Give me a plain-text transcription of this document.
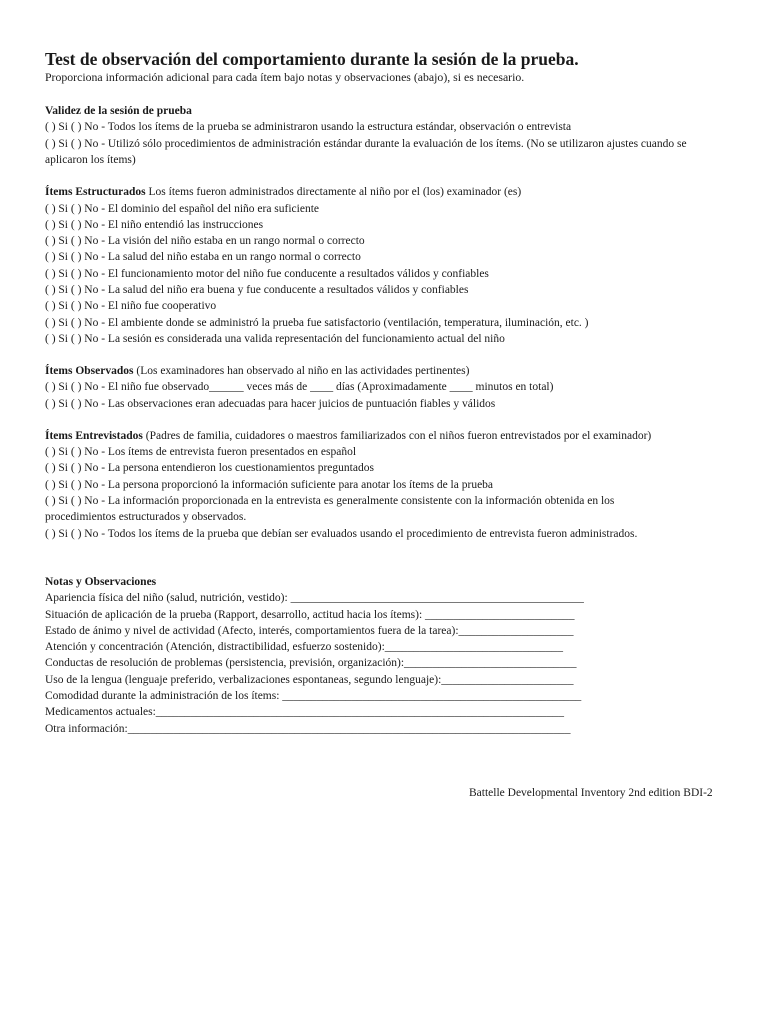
Test de observación del comportamiento durante la sesión de la prueba.
Proporciona información adicional para cada ítem bajo notas y observaciones (abajo), si es necesario.
Validez de la sesión de prueba
( ) Si ( ) No - Todos los ítems de la prueba se administraron usando la estructura estándar, observación o entrevista
( ) Si ( ) No - Utilizó sólo procedimientos de administración estándar durante la evaluación de los ítems. (No se utilizaron ajustes cuando se
aplicaron los ítems)
Ítems Estructurados Los ítems fueron administrados directamente al niño por el (los) examinador (es)
( ) Si ( ) No - El dominio del español del niño era suficiente
( ) Si ( ) No - El niño entendió las instrucciones
( ) Si ( ) No - La visión del niño estaba en un rango normal o correcto
( ) Si ( ) No - La salud del niño estaba en un rango normal o correcto
( ) Si ( ) No - El funcionamiento motor del niño fue conducente a resultados válidos y confiables
( ) Si ( ) No - La salud del niño era buena y fue conducente a resultados válidos y confiables
( ) Si ( ) No - El niño fue cooperativo
( ) Si ( ) No - El ambiente donde se administró la prueba fue satisfactorio (ventilación, temperatura, iluminación, etc. )
( ) Si ( ) No - La sesión es considerada una valida representación del funcionamiento actual del niño
Ítems Observados (Los examinadores han observado al niño en las actividades pertinentes)
( ) Si ( ) No - El niño fue observado______ veces más de ____ días (Aproximadamente ____ minutos en total)
( ) Si ( ) No - Las observaciones eran adecuadas para hacer juicios de puntuación fiables y válidos
Ítems Entrevistados (Padres de familia, cuidadores o maestros familiarizados con el niños fueron entrevistados por el examinador)
( ) Si ( ) No - Los ítems de entrevista fueron presentados en español
( ) Si ( ) No - La persona entendieron los cuestionamientos preguntados
( ) Si ( ) No - La persona proporcionó la información suficiente para anotar los ítems de la prueba
( ) Si ( ) No - La información proporcionada en la entrevista es generalmente consistente con la información obtenida en los
procedimientos estructurados y observados.
( ) Si ( ) No - Todos los ítems de la prueba que debían ser evaluados usando el procedimiento de entrevista fueron administrados.
Notas y Observaciones
Apariencia física del niño (salud, nutrición, vestido): ___________________________________________________
Situación de aplicación de la prueba (Rapport, desarrollo, actitud hacia los ítems): __________________________
Estado de ánimo y nivel de actividad (Afecto, interés, comportamientos fuera de la tarea):____________________
Atención y concentración (Atención, distractibilidad, esfuerzo sostenido):_______________________________
Conductas de resolución de problemas (persistencia, previsión, organización):______________________________
Uso de la lengua (lenguaje preferido, verbalizaciones espontaneas, segundo lenguaje):_______________________
Comodidad durante la administración de los ítems: ____________________________________________________
Medicamentos actuales:_______________________________________________________________________
Otra información:_____________________________________________________________________________
Battelle Developmental Inventory 2nd edition BDI-2
